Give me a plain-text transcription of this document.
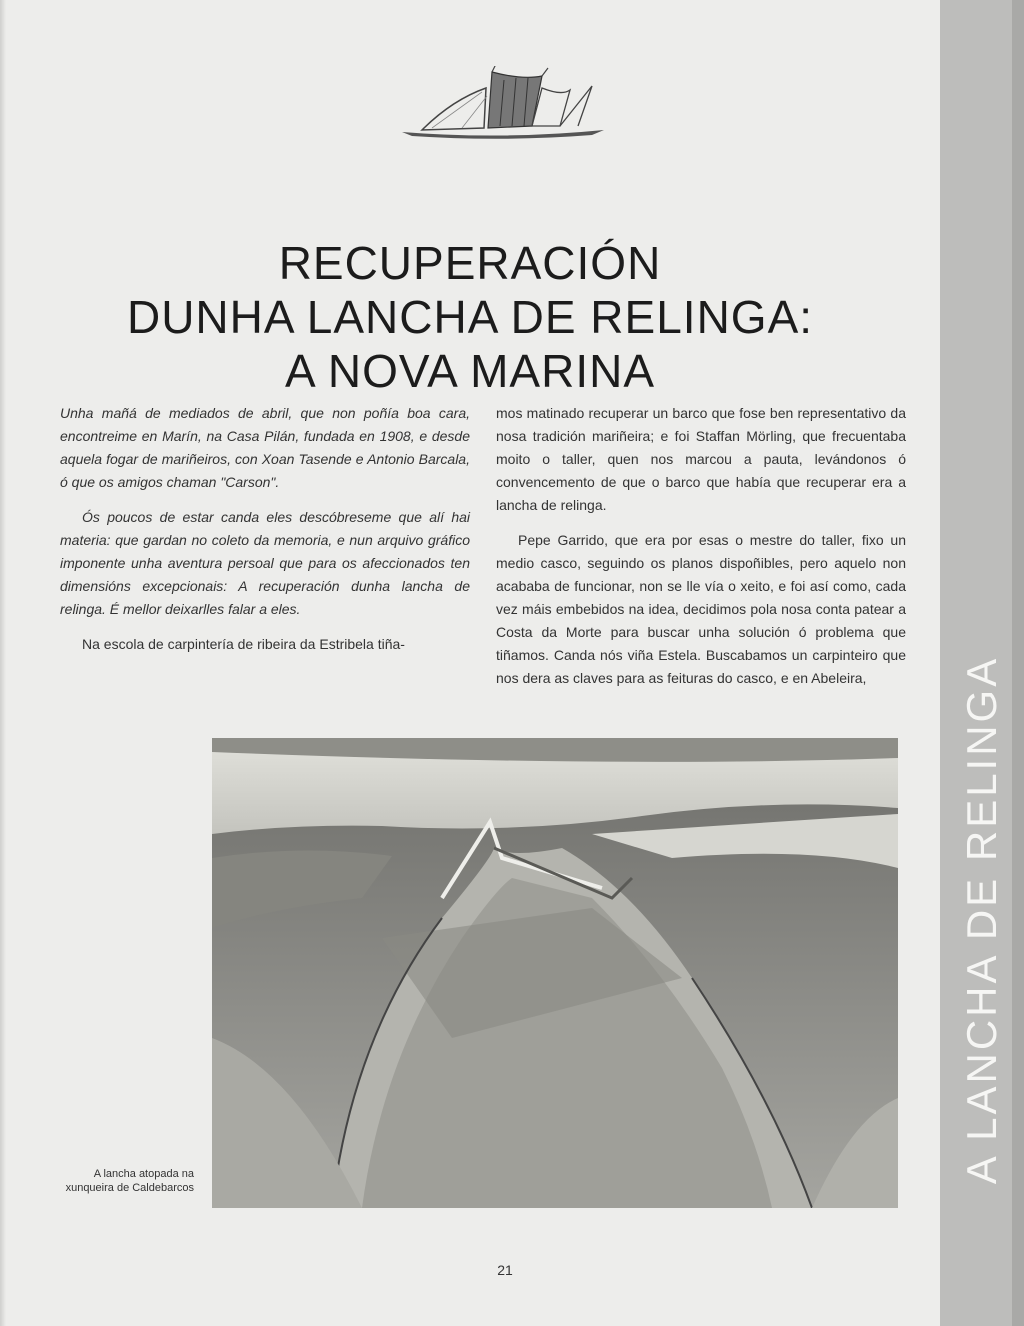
A LANCHA DE RELINGA
RECUPERACIÓN
DUNHA LANCHA DE RELINGA:
A NOVA MARINA

Unha mañá de mediados de abril, que non poñía boa cara, encontreime en Marín, na Casa Pilán, fundada en 1908, e desde aquela fogar de mariñeiros, con Xoan Tasende e Antonio Barcala, ó que os amigos chaman "Carson".

Ós poucos de estar canda eles descóbreseme que alí hai materia: que gardan no coleto da memoria, e nun arquivo gráfico imponente unha aventura persoal que para os afeccionados ten dimensións excepcionais: A recuperación dunha lancha de relinga. É mellor deixarlles falar a eles.

Na escola de carpintería de ribeira da Estribela tiña-

mos matinado recuperar un barco que fose ben representativo da nosa tradición mariñeira; e foi Staffan Mörling, que frecuentaba moito o taller, quen nos marcou a pauta, levándonos ó convencemento de que o barco que había que recuperar era a lancha de relinga.

Pepe Garrido, que era por esas o mestre do taller, fixo un medio casco, seguindo os planos dispoñibles, pero aquelo non acababa de funcionar, non se lle vía o xeito, e foi así como, cada vez máis embebidos na idea, decidimos pola nosa conta patear a Costa da Morte para buscar unha solución ó problema que tiñamos. Canda nós viña Estela. Buscabamos un carpinteiro que nos dera as claves para as feituras do casco, e en Abeleira,

A lancha atopada na xunqueira de Caldebarcos
21
